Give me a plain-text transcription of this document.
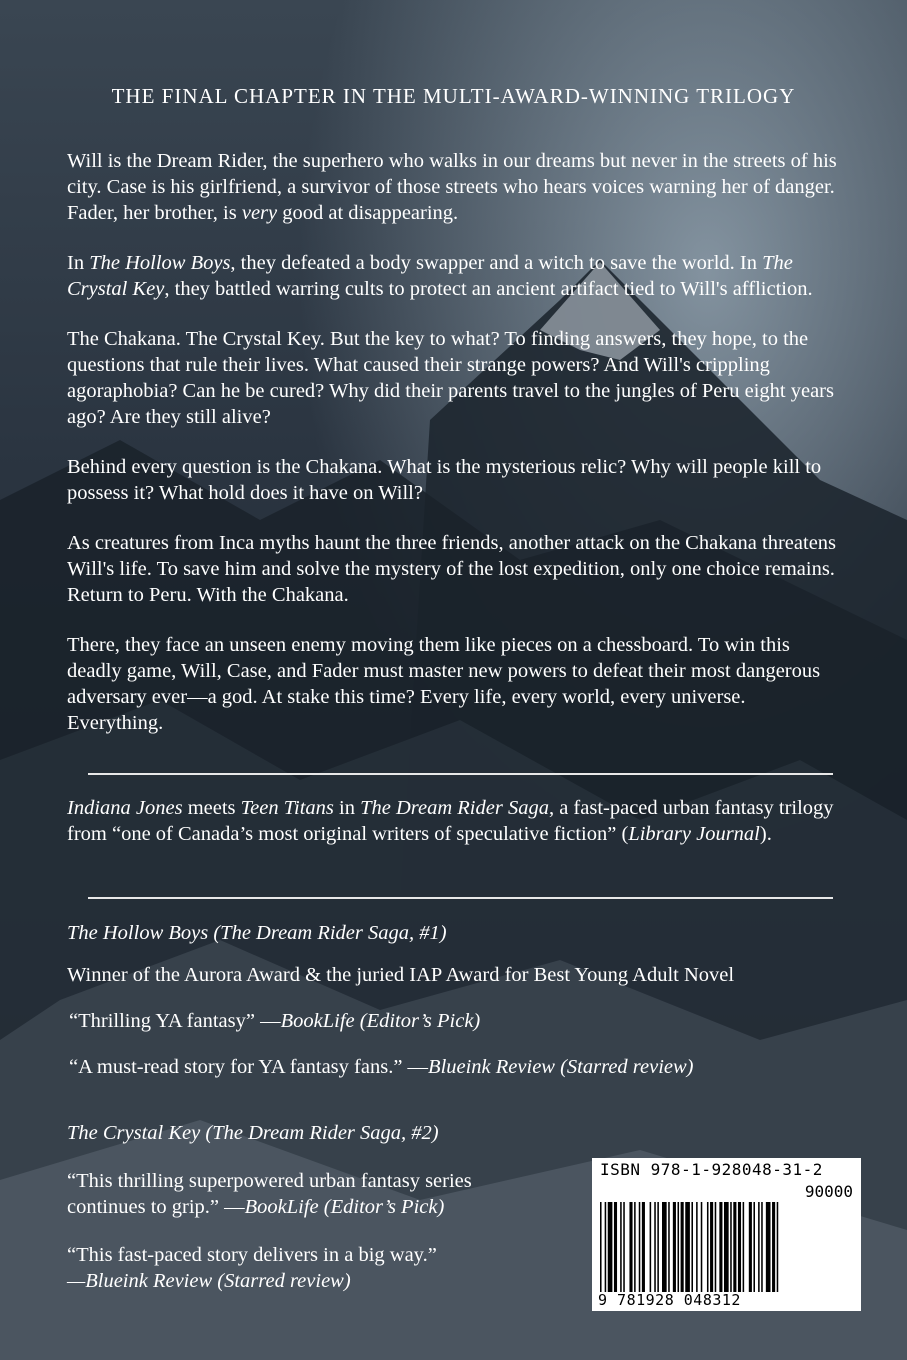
THE FINAL CHAPTER IN THE MULTI-AWARD-WINNING TRILOGY

Will is the Dream Rider, the superhero who walks in our dreams but never in the streets of his city. Case is his girlfriend, a survivor of those streets who hears voices warning her of danger. Fader, her brother, is very good at disappearing.

In The Hollow Boys, they defeated a body swapper and a witch to save the world. In The Crystal Key, they battled warring cults to protect an ancient artifact tied to Will's affliction.

The Chakana. The Crystal Key. But the key to what? To finding answers, they hope, to the questions that rule their lives. What caused their strange powers? And Will's crippling agoraphobia? Can he be cured? Why did their parents travel to the jungles of Peru eight years ago? Are they still alive?

Behind every question is the Chakana. What is the mysterious relic? Why will people kill to possess it? What hold does it have on Will?

As creatures from Inca myths haunt the three friends, another attack on the Chakana threatens Will's life. To save him and solve the mystery of the lost expedition, only one choice remains. Return to Peru. With the Chakana.

There, they face an unseen enemy moving them like pieces on a chessboard. To win this deadly game, Will, Case, and Fader must master new powers to defeat their most dangerous adversary ever—a god. At stake this time? Every life, every world, every universe. Everything.

Indiana Jones meets Teen Titans in The Dream Rider Saga, a fast-paced urban fantasy trilogy from “one of Canada’s most original writers of speculative fiction” (Library Journal).
The Hollow Boys (The Dream Rider Saga, #1)
Winner of the Aurora Award & the juried IAP Award for Best Young Adult Novel
“Thrilling YA fantasy” —BookLife (Editor’s Pick)
“A must-read story for YA fantasy fans.” —Blueink Review (Starred review)
The Crystal Key (The Dream Rider Saga, #2)
“This thrilling superpowered urban fantasy series continues to grip.” —BookLife (Editor’s Pick)
“This fast-paced story delivers in a big way.”
—Blueink Review (Starred review)
ISBN 978-1-928048-31-2
90000
9 781928 048312
